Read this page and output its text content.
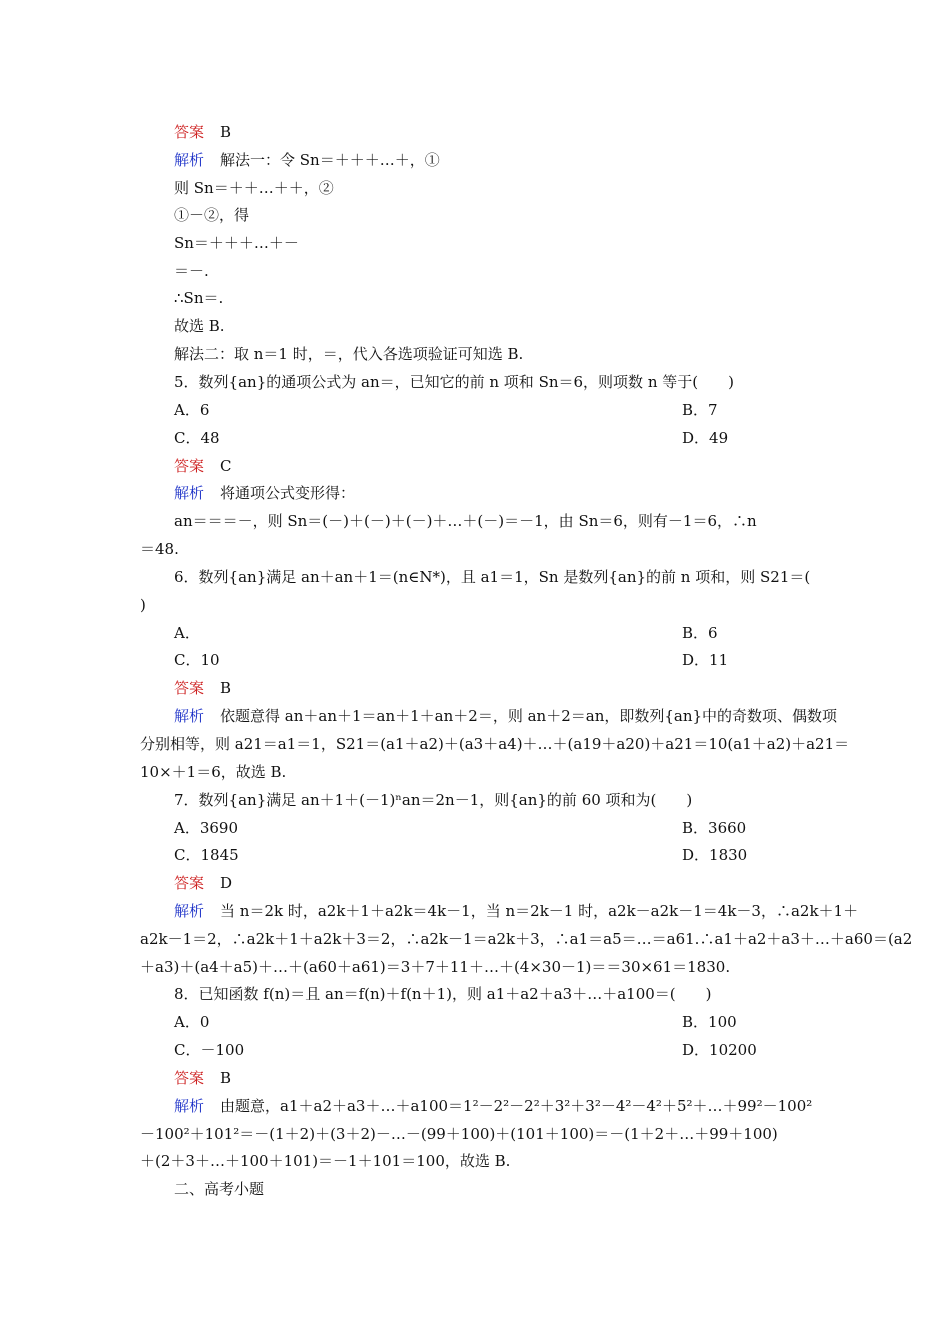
答案 B
解析 解法一：令 Sn＝＋＋＋…＋，①
则 Sn＝＋＋…＋＋，②
①－②，得
Sn＝＋＋＋…＋－
＝－.
∴Sn＝.
故选 B.
解法二：取 n＝1 时，＝，代入各选项验证可知选 B.
5．数列{an}的通项公式为 an＝，已知它的前 n 项和 Sn＝6，则项数 n 等于(　　)
A．6	B．7
C．48	D．49
答案 C
解析 将通项公式变形得：
an＝＝＝－，则 Sn＝(－)＋(－)＋(－)＋…＋(－)＝－1，由 Sn＝6，则有－1＝6，∴n
＝48.
6．数列{an}满足 an＋an＋1＝(n∈N*)，且 a1＝1，Sn 是数列{an}的前 n 项和，则 S21＝(
)
A．	B．6
C．10	D．11
答案 B
解析 依题意得 an＋an＋1＝an＋1＋an＋2＝，则 an＋2＝an，即数列{an}中的奇数项、偶数项
分别相等，则 a21＝a1＝1，S21＝(a1＋a2)＋(a3＋a4)＋…＋(a19＋a20)＋a21＝10(a1＋a2)＋a21＝
10×＋1＝6，故选 B.
7．数列{an}满足 an＋1＋(－1)ⁿan＝2n－1，则{an}的前 60 项和为(　　)
A．3690	B．3660
C．1845	D．1830
答案 D
解析 当 n＝2k 时，a2k＋1＋a2k＝4k－1，当 n＝2k－1 时，a2k－a2k－1＝4k－3，∴a2k＋1＋
a2k－1＝2，∴a2k＋1＋a2k＋3＝2，∴a2k－1＝a2k＋3，∴a1＝a5＝…＝a61.∴a1＋a2＋a3＋…＋a60＝(a2
＋a3)＋(a4＋a5)＋…＋(a60＋a61)＝3＋7＋11＋…＋(4×30－1)＝＝30×61＝1830.
8．已知函数 f(n)＝且 an＝f(n)＋f(n＋1)，则 a1＋a2＋a3＋…＋a100＝(　　)
A．0	B．100
C．－100	D．10200
答案 B
解析 由题意，a1＋a2＋a3＋…＋a100＝1²－2²－2²＋3²＋3²－4²－4²＋5²＋…＋99²－100²
－100²＋101²＝－(1＋2)＋(3＋2)－…－(99＋100)＋(101＋100)＝－(1＋2＋…＋99＋100)
＋(2＋3＋…＋100＋101)＝－1＋101＝100，故选 B.
二、高考小题
